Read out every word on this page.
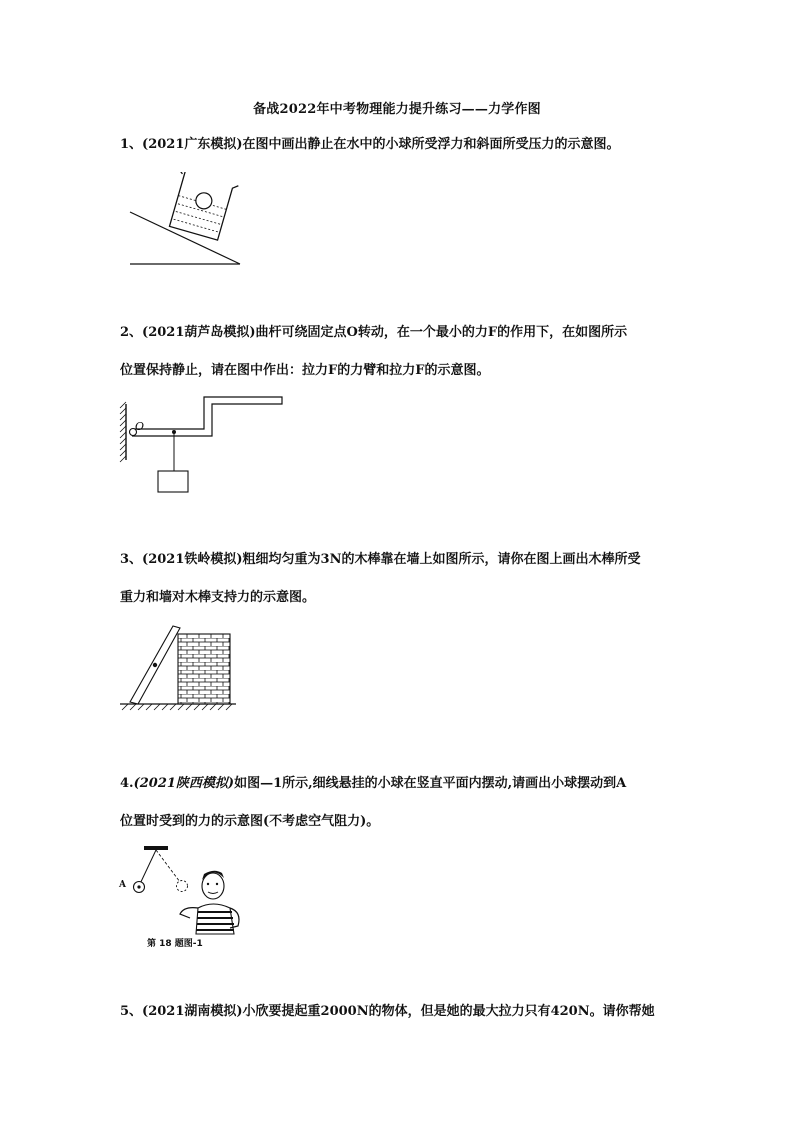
备战2022年中考物理能力提升练习——力学作图
1、(2021广东模拟)在图中画出静止在水中的小球所受浮力和斜面所受压力的示意图。
2、(2021葫芦岛模拟)曲杆可绕固定点O转动，在一个最小的力F的作用下，在如图所示
位置保持静止，请在图中作出：拉力F的力臂和拉力F的示意图。
O
3、(2021铁岭模拟)粗细均匀重为3N的木棒靠在墙上如图所示，请你在图上画出木棒所受
重力和墙对木棒支持力的示意图。
4.(2021陕西模拟)如图—1所示,细线悬挂的小球在竖直平面内摆动,请画出小球摆动到A
位置时受到的力的示意图(不考虑空气阻力)。
A
第 18 题图-1
5、(2021湖南模拟)小欣要提起重2000N的物体，但是她的最大拉力只有420N。请你帮她
